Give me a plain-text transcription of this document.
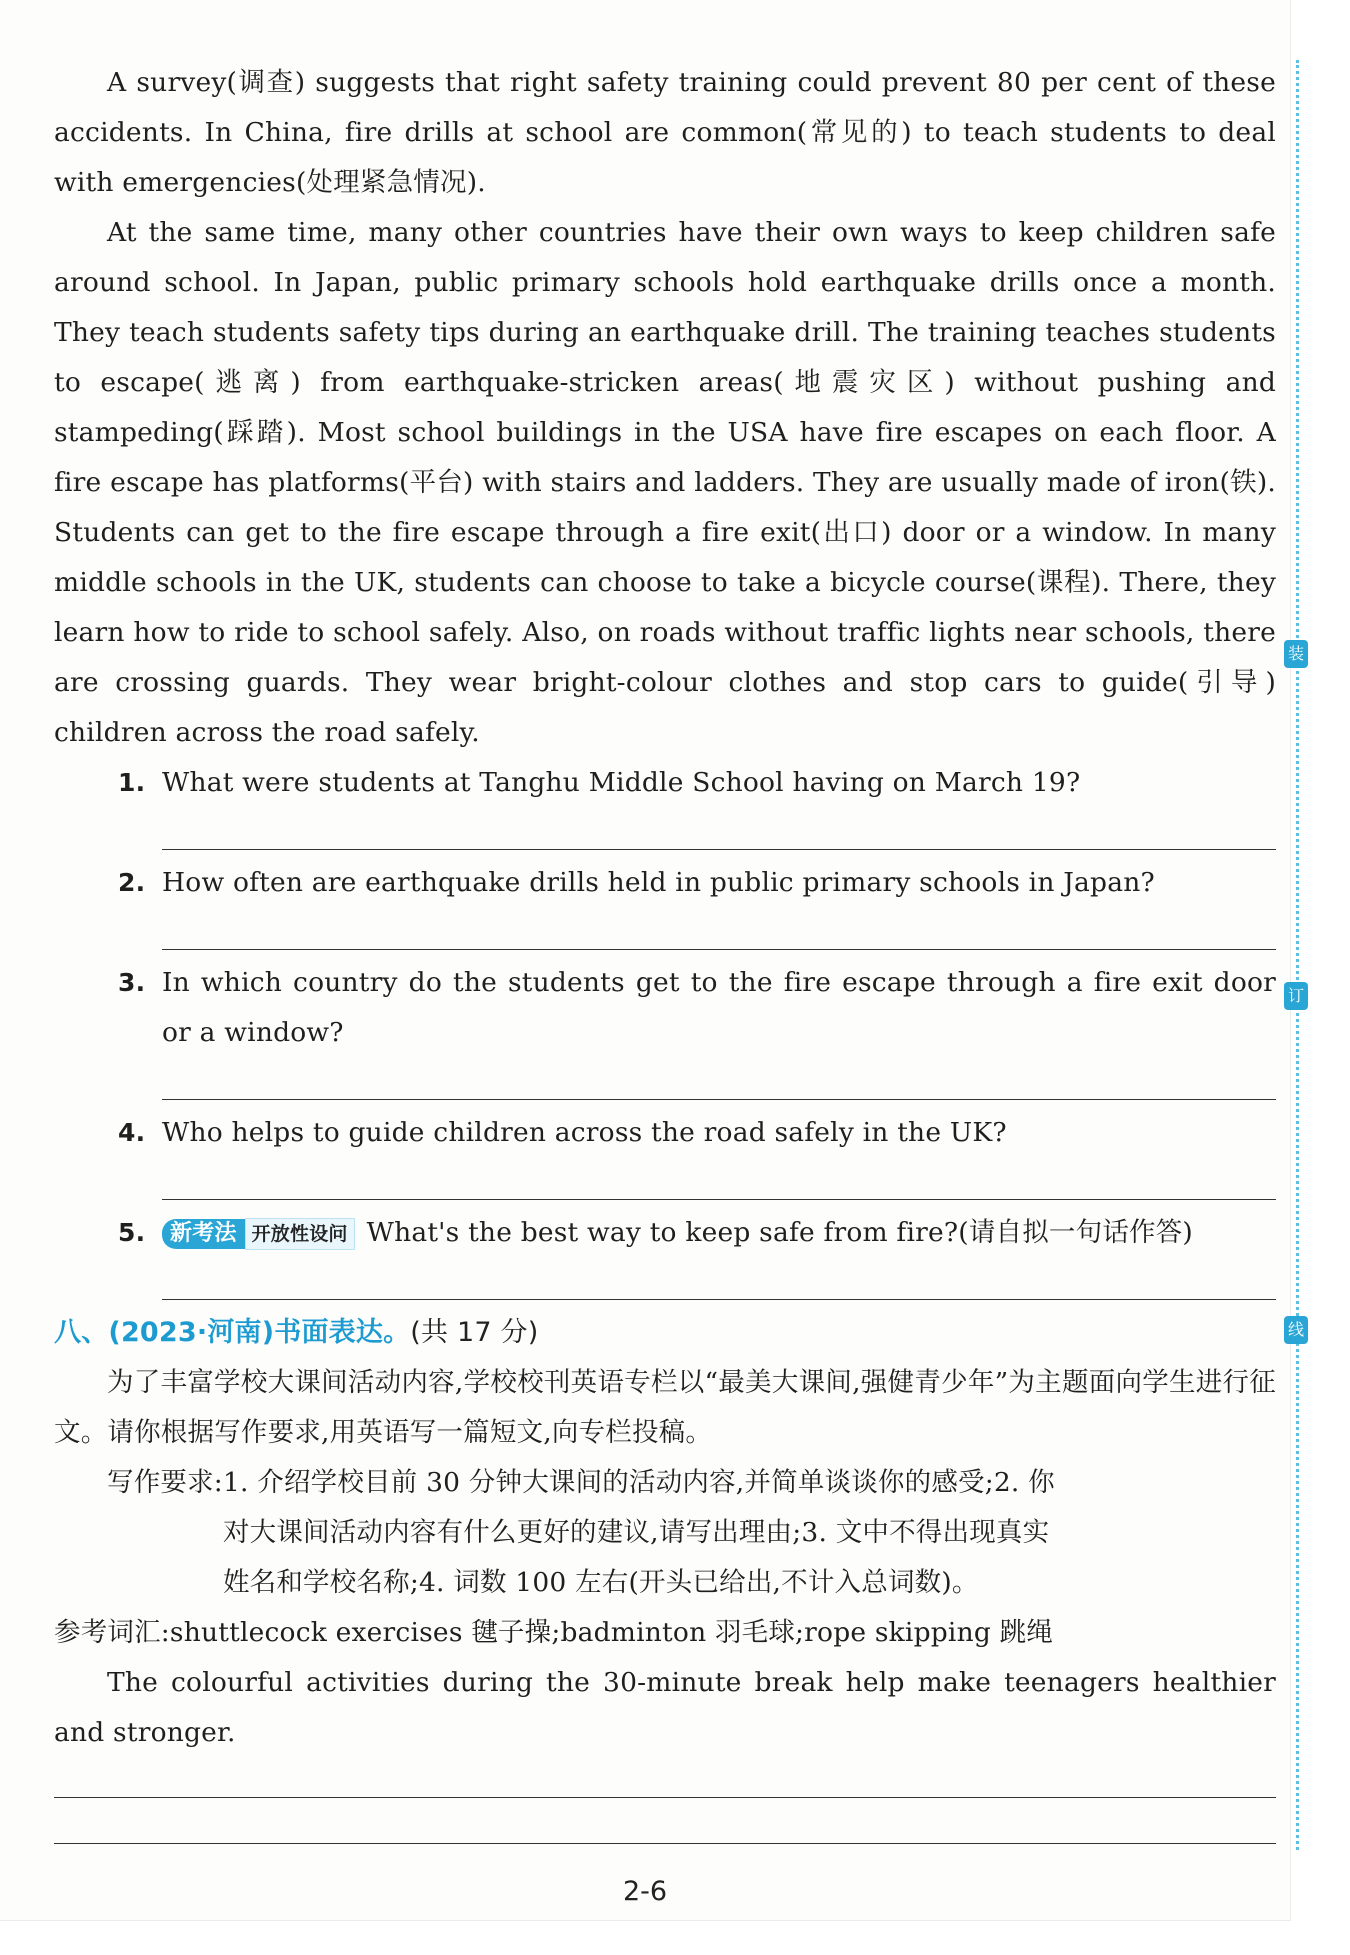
A survey(调查) suggests that right safety training could prevent 80 per cent of these accidents. In China, fire drills at school are common(常见的) to teach students to deal with emergencies(处理紧急情况).

At the same time, many other countries have their own ways to keep children safe around school. In Japan, public primary schools hold earthquake drills once a month. They teach students safety tips during an earthquake drill. The training teaches students to escape(逃离) from earthquake-stricken areas(地震灾区) without pushing and stampeding(踩踏). Most school buildings in the USA have fire escapes on each floor. A fire escape has platforms(平台) with stairs and ladders. They are usually made of iron(铁). Students can get to the fire escape through a fire exit(出口) door or a window. In many middle schools in the UK, students can choose to take a bicycle course(课程). There, they learn how to ride to school safely. Also, on roads without traffic lights near schools, there are crossing guards. They wear bright-colour clothes and stop cars to guide(引导) children across the road safely.

1. What were students at Tanghu Middle School having on March 19?
2. How often are earthquake drills held in public primary schools in Japan?
3. In which country do the students get to the fire escape through a fire exit door or a window?
4. Who helps to guide children across the road safely in the UK?
5.	新考法 开放性设问 What's the best way to keep safe from fire?(请自拟一句话作答)

八、(2023·河南)书面表达。(共 17 分)

为了丰富学校大课间活动内容,学校校刊英语专栏以“最美大课间,强健青少年”为主题面向学生进行征文。请你根据写作要求,用英语写一篇短文,向专栏投稿。

写作要求: 1. 介绍学校目前 30 分钟大课间的活动内容,并简单谈谈你的感受;2. 你
对大课间活动内容有什么更好的建议,请写出理由;3. 文中不得出现真实
姓名和学校名称;4. 词数 100 左右(开头已给出,不计入总词数)。

参考词汇:shuttlecock exercises 毽子操;badminton 羽毛球;rope skipping 跳绳

The colourful activities during the 30-minute break help make teenagers healthier and stronger.

2-6
装
订
线
